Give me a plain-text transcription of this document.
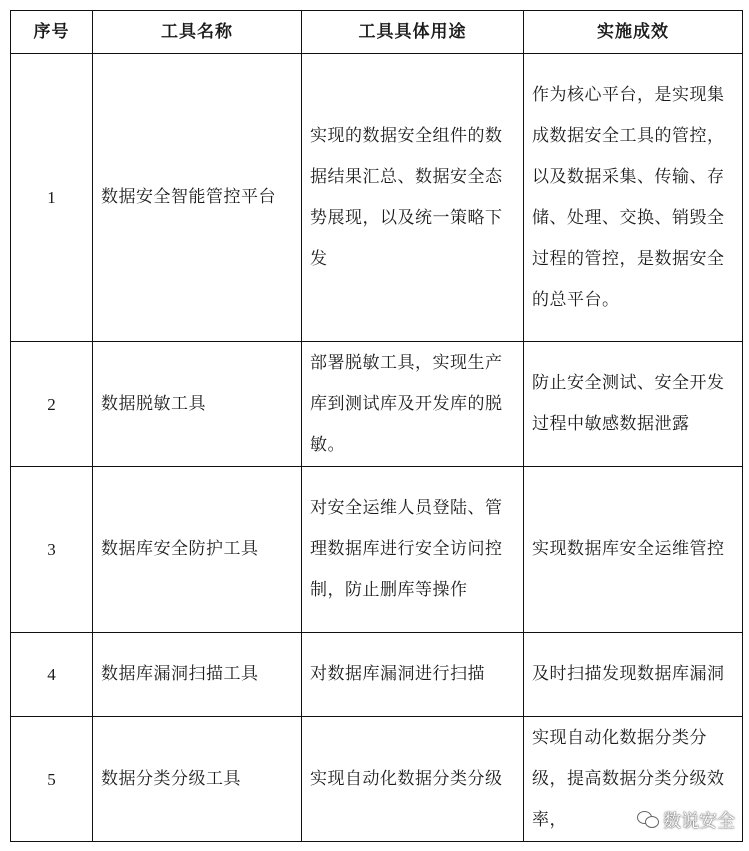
序号	工具名称	工具具体用途	实施成效
1	数据安全智能管控平台	实现的数据安全组件的数据结果汇总、数据安全态势展现，以及统一策略下发	作为核心平台，是实现集成数据安全工具的管控，以及数据采集、传输、存储、处理、交换、销毁全过程的管控，是数据安全的总平台。

2	数据脱敏工具	部署脱敏工具，实现生产库到测试库及开发库的脱敏。	防止安全测试、安全开发过程中敏感数据泄露

3	数据库安全防护工具	对安全运维人员登陆、管理数据库进行安全访问控制，防止删库等操作	实现数据库安全运维管控

4	数据库漏洞扫描工具	对数据库漏洞进行扫描	及时扫描发现数据库漏洞

5	数据分类分级工具	实现自动化数据分类分级	实现自动化数据分类分级，提高数据分类分级效率，	数说安全
